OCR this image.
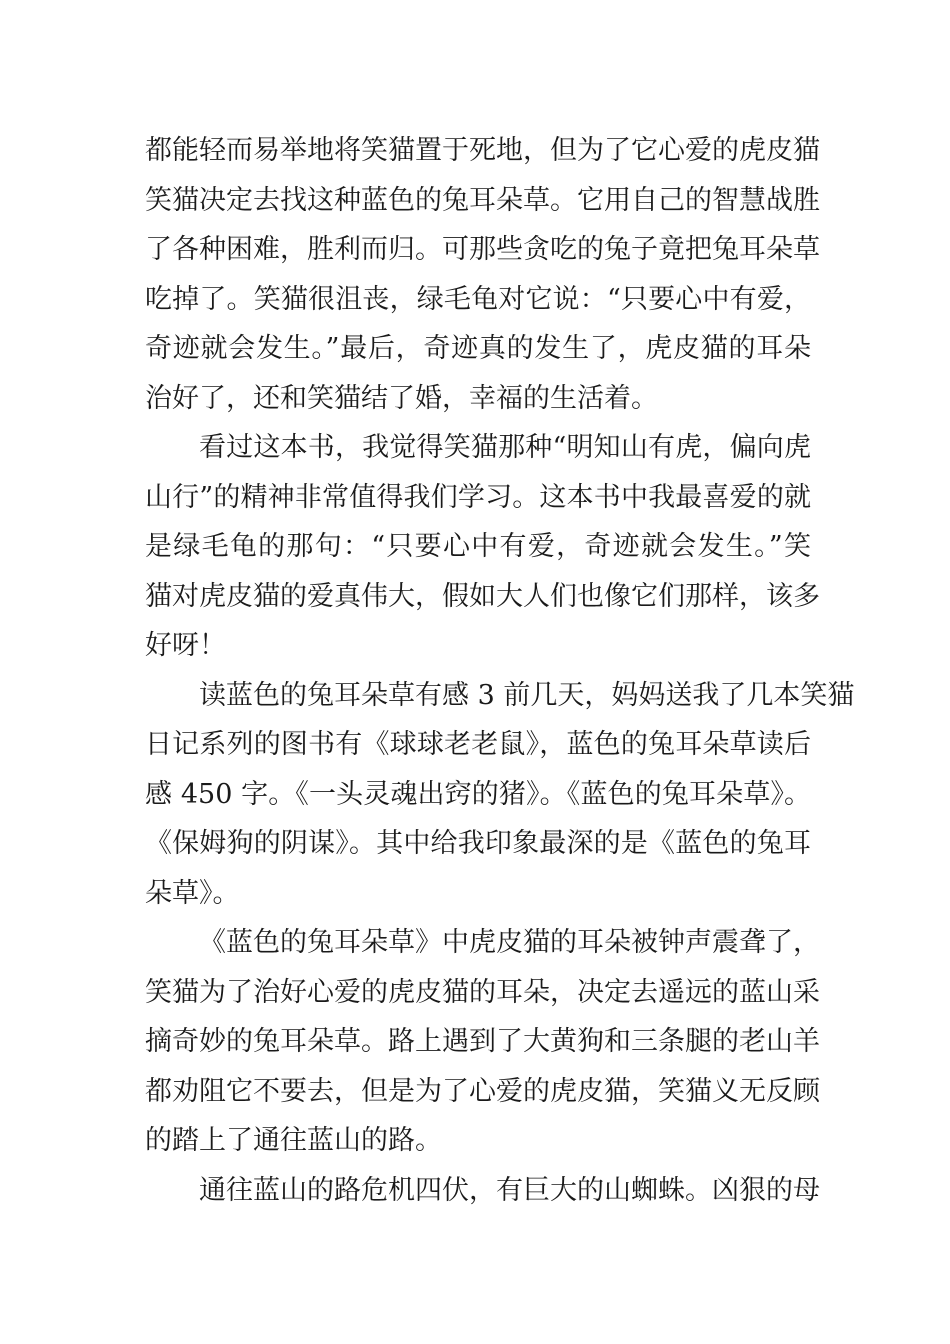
都能轻而易举地将笑猫置于死地，但为了它心爱的虎皮猫
笑猫决定去找这种蓝色的兔耳朵草。它用自己的智慧战胜
了各种困难，胜利而归。可那些贪吃的兔子竟把兔耳朵草
吃掉了。笑猫很沮丧，绿毛龟对它说：“只要心中有爱，
奇迹就会发生。”最后，奇迹真的发生了，虎皮猫的耳朵
治好了，还和笑猫结了婚，幸福的生活着。
看过这本书，我觉得笑猫那种“明知山有虎，偏向虎
山行”的精神非常值得我们学习。这本书中我最喜爱的就
是绿毛龟的那句：“只要心中有爱，奇迹就会发生。”笑
猫对虎皮猫的爱真伟大，假如大人们也像它们那样，该多
好呀！
读蓝色的兔耳朵草有感 3 前几天，妈妈送我了几本笑猫
日记系列的图书有《球球老老鼠》，蓝色的兔耳朵草读后
感 450 字。《一头灵魂出窍的猪》。《蓝色的兔耳朵草》。
《保姆狗的阴谋》。其中给我印象最深的是《蓝色的兔耳
朵草》。
《蓝色的兔耳朵草》中虎皮猫的耳朵被钟声震聋了，
笑猫为了治好心爱的虎皮猫的耳朵，决定去遥远的蓝山采
摘奇妙的兔耳朵草。路上遇到了大黄狗和三条腿的老山羊
都劝阻它不要去，但是为了心爱的虎皮猫，笑猫义无反顾
的踏上了通往蓝山的路。
通往蓝山的路危机四伏，有巨大的山蜘蛛。凶狠的母
